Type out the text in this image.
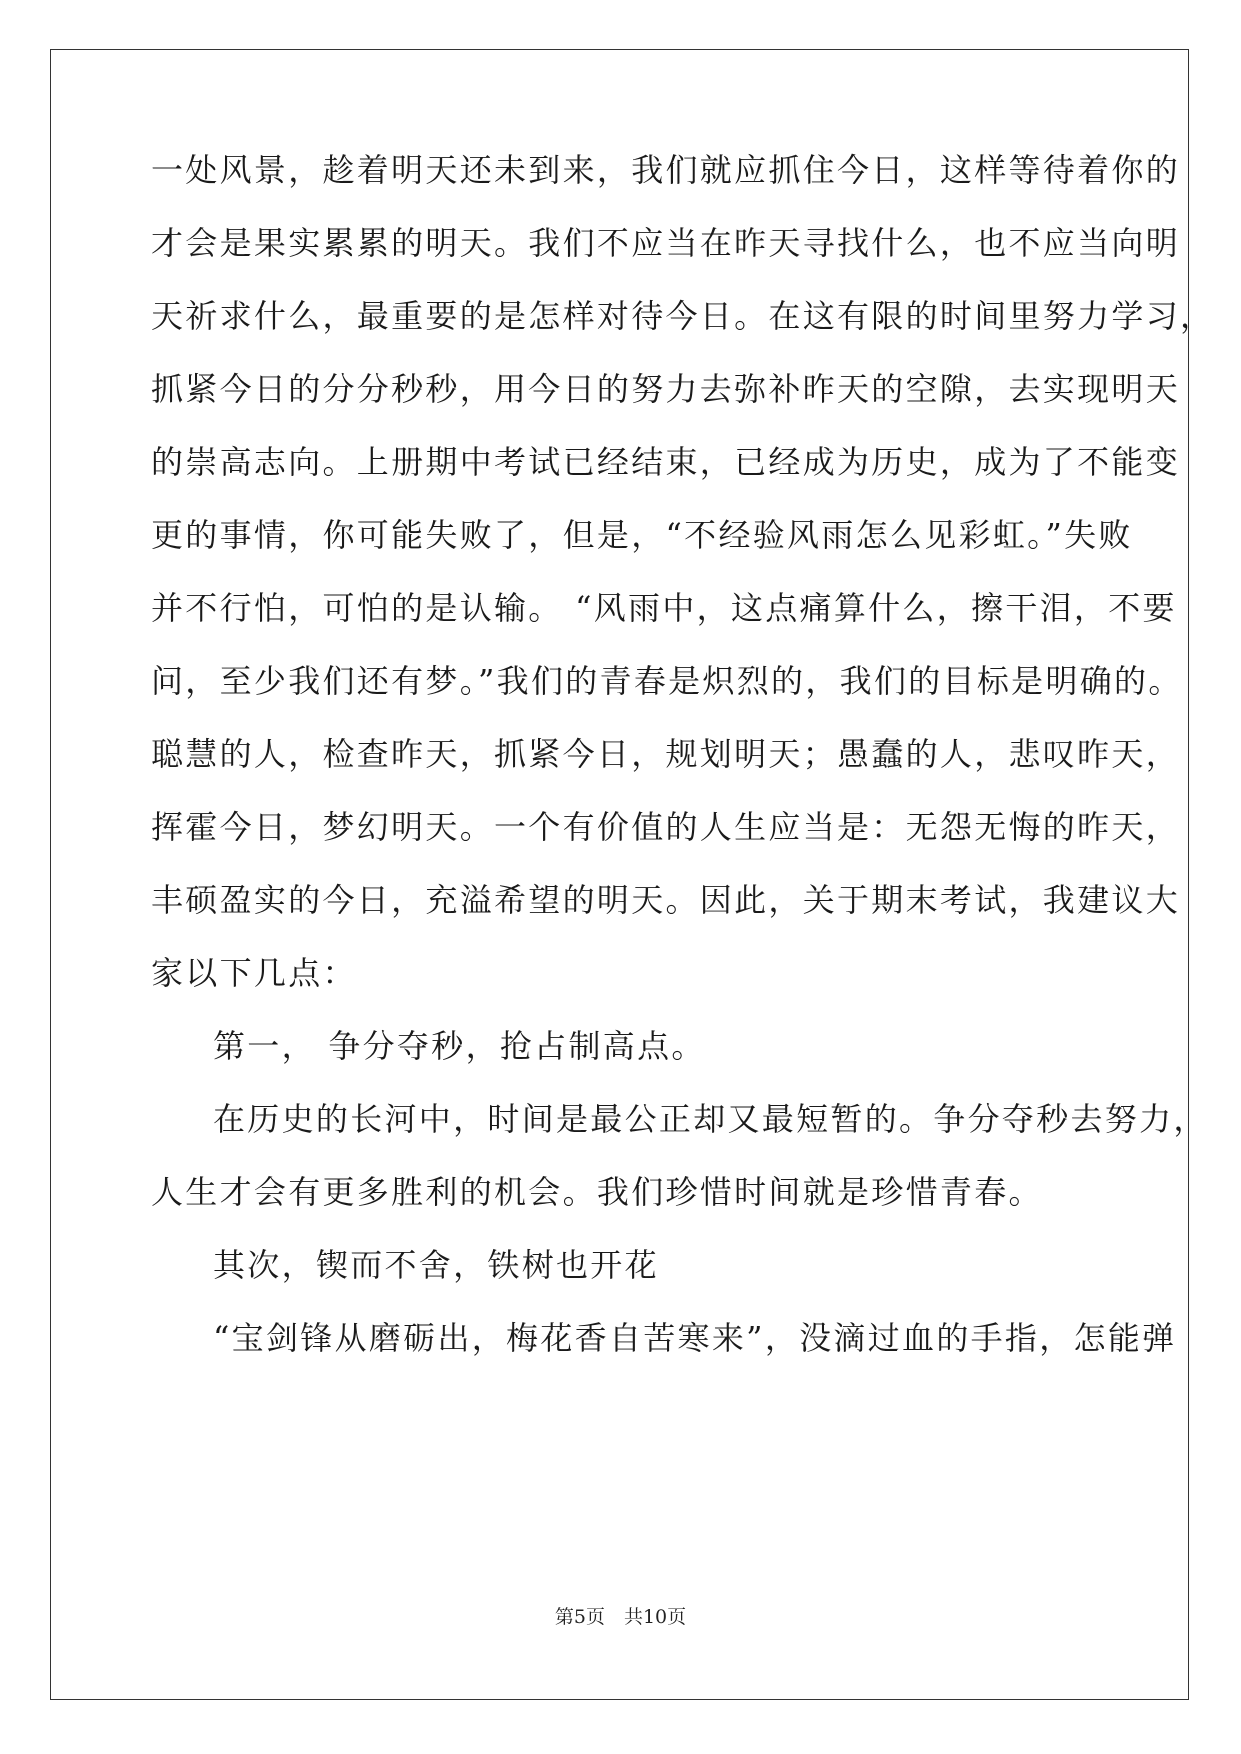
一处风景，趁着明天还未到来，我们就应抓住今日，这样等待着你的
才会是果实累累的明天。我们不应当在昨天寻找什么，也不应当向明
天祈求什么，最重要的是怎样对待今日。在这有限的时间里努力学习，
抓紧今日的分分秒秒，用今日的努力去弥补昨天的空隙，去实现明天
的崇高志向。上册期中考试已经结束，已经成为历史，成为了不能变
更的事情，你可能失败了，但是，“不经验风雨怎么见彩虹。”失败
并不行怕，可怕的是认输。 “风雨中，这点痛算什么，擦干泪，不要
问，至少我们还有梦。”我们的青春是炽烈的，我们的目标是明确的。
聪慧的人，检查昨天，抓紧今日，规划明天；愚蠢的人，悲叹昨天，
挥霍今日，梦幻明天。一个有价值的人生应当是：无怨无悔的昨天，
丰硕盈实的今日，充溢希望的明天。因此，关于期末考试，我建议大
家以下几点：
第一， 争分夺秒，抢占制高点。
在历史的长河中，时间是最公正却又最短暂的。争分夺秒去努力，
人生才会有更多胜利的机会。我们珍惜时间就是珍惜青春。
其次，锲而不舍，铁树也开花
“宝剑锋从磨砺出，梅花香自苦寒来”，没滴过血的手指，怎能弹
第5页　共10页
